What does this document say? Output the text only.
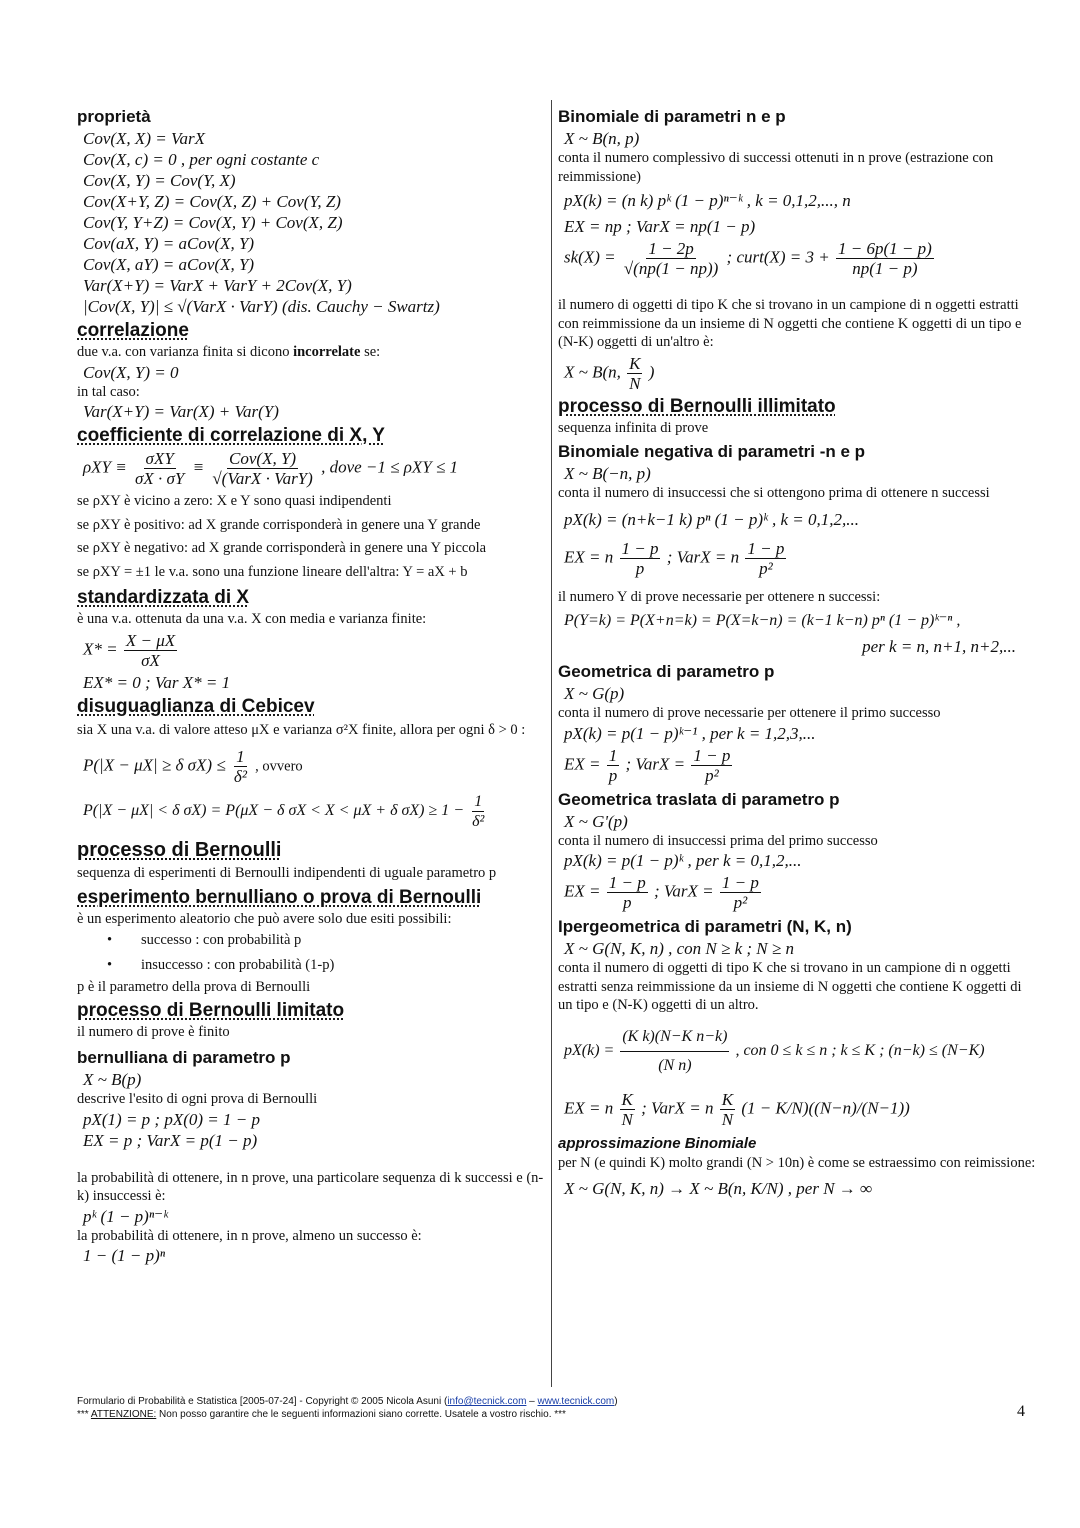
proprietà
Cov(X, X) = VarX
Cov(X, c) = 0 , per ogni costante c
Cov(X, Y) = Cov(Y, X)
Cov(X+Y, Z) = Cov(X, Z) + Cov(Y, Z)
Cov(Y, Y+Z) = Cov(X, Y) + Cov(X, Z)
Cov(aX, Y) = aCov(X, Y)
Cov(X, aY) = aCov(X, Y)
Var(X+Y) = VarX + VarY + 2Cov(X, Y)
|Cov(X, Y)| ≤ √(VarX · VarY) (dis. Cauchy − Swartz)
correlazione
due v.a. con varianza finita si dicono incorrelate se:
Cov(X, Y) = 0
in tal caso:
Var(X+Y) = Var(X) + Var(Y)
coefficiente di correlazione di X, Y
$\rho XY \equiv \frac{\text{σXY}}{\sigma X \cdot \sigma Y} \equiv \frac{\text{Cov(X, Y)}}{\text{√(VarX · VarY)}}$ , dove −1 ≤ ρXY ≤ 1
se ρXY è vicino a zero: X e Y sono quasi indipendenti
se ρXY è positivo: ad X grande corrisponderà in genere una Y grande
se ρXY è negativo: ad X grande corrisponderà in genere una Y piccola
se ρXY = ±1 le v.a. sono una funzione lineare dell'altra: Y = aX + b
standardizzata di X
è una v.a. ottenuta da una v.a. X con media e varianza finite:
$X* = \frac{X - \mu X}{\sigma X}$
EX* = 0 ; Var X* = 1
disuguaglianza di Cebicev
sia X una v.a. di valore atteso μX e varianza σ²X finite, allora per ogni δ > 0 :
P(|X − μX| ≥ δ $\sigma X) \le \frac{1}{\text{δ²}}$ , ovvero
P(|X − μX| < δ σX) = P(μX − δ σX < X < μX + δ $\sigma X) \ge 1 - \frac{1}{\text{δ²}}$
processo di Bernoulli
sequenza di esperimenti di Bernoulli indipendenti di uguale parametro p
esperimento bernulliano o prova di Bernoulli
è un esperimento aleatorio che può avere solo due esiti possibili:
• successo : con probabilità p
• insuccesso : con probabilità (1-p)
p è il parametro della prova di Bernoulli
processo di Bernoulli limitato
il numero di prove è finito
bernulliana di parametro p
X ~ B(p)
descrive l'esito di ogni prova di Bernoulli
pX(1) = p ; pX(0) = 1 − p
EX = p ; VarX = p(1 − p)
la probabilità di ottenere, in n prove, una particolare sequenza di k successi e (n-k) insuccessi è:
pᵏ (1 − p)ⁿ⁻ᵏ
la probabilità di ottenere, in n prove, almeno un successo è:
1 − (1 − p)ⁿ
Binomiale di parametri n e p
X ~ B(n, p)
conta il numero complessivo di successi ottenuti in n prove (estrazione con reimmissione)
pX(k) = (n k) pᵏ (1 − p)ⁿ⁻ᵏ , k = 0,1,2,..., n
EX = np ; VarX = np(1 − p)
$sk(X) = \frac{1 - 2p}{√(np(1 - np))}$ ; curt(X) = $3 + \frac{1 - 6p(1 - p)}{np(1 - p)}$
il numero di oggetti di tipo K che si trovano in un campione di n oggetti estratti con reimmissione da un insieme di N oggetti che contiene K oggetti di un tipo e (N-K) oggetti di un'altro è:
X ~ B(n, $\frac{K}{N}$ )
processo di Bernoulli illimitato
sequenza infinita di prove
Binomiale negativa di parametri -n e p
X ~ B(−n, p)
conta il numero di insuccessi che si ottengono prima di ottenere n successi
pX(k) = (n+k−1 k) pⁿ (1 − p)ᵏ , k = 0,1,2,...
EX = n $\frac{1 - p}{p}$ ; VarX = n $\frac{1 - p}{\text{p²}}$
il numero Y di prove necessarie per ottenere n successi:
P(Y=k) = P(X+n=k) = P(X=k−n) = (k−1 k−n) pⁿ (1 − p)ᵏ⁻ⁿ ,
per k = n, n+1, n+2,...
Geometrica di parametro p
X ~ G(p)
conta il numero di prove necessarie per ottenere il primo successo
pX(k) = p(1 − p)ᵏ⁻¹ , per k = 1,2,3,...
EX = $\frac{1}{p}$ ; VarX = $\frac{1 - p}{\text{p²}}$
Geometrica traslata di parametro p
X ~ G'(p)
conta il numero di insuccessi prima del primo successo
pX(k) = p(1 − p)ᵏ , per k = 0,1,2,...
EX = $\frac{1 - p}{p}$ ; VarX = $\frac{1 - p}{\text{p²}}$
Ipergeometrica di parametri (N, K, n)
X ~ G(N, K, n) , con N ≥ k ; N ≥ n
conta il numero di oggetti di tipo K che si trovano in un campione di n oggetti estratti senza reimmissione da un insieme di N oggetti che contiene K oggetti di un tipo e (N-K) oggetti di un altro.
$pX(k) = \frac{\text{(K k)(N−K n−k)}}{\text{(N n)}}$ , con 0 ≤ k ≤ n ; k ≤ K ; (n−k) ≤ (N−K)
EX = n $\frac{K}{N}$ ; VarX = n $\frac{K}{N} (1 - K/N)((N-n)/(N-1))$
approssimazione Binomiale
per N (e quindi K) molto grandi (N > 10n) è come se estraessimo con reimissione:
X ~ G(N, K, n) → X ~ B(n, K/N) , per N → ∞
Formulario di Probabilità e Statistica [2005-07-24] - Copyright © 2005 Nicola Asuni (info@tecnick.com – www.tecnick.com)
*** ATTENZIONE: Non posso garantire che le seguenti informazioni siano corrette. Usatele a vostro rischio. ***	4
